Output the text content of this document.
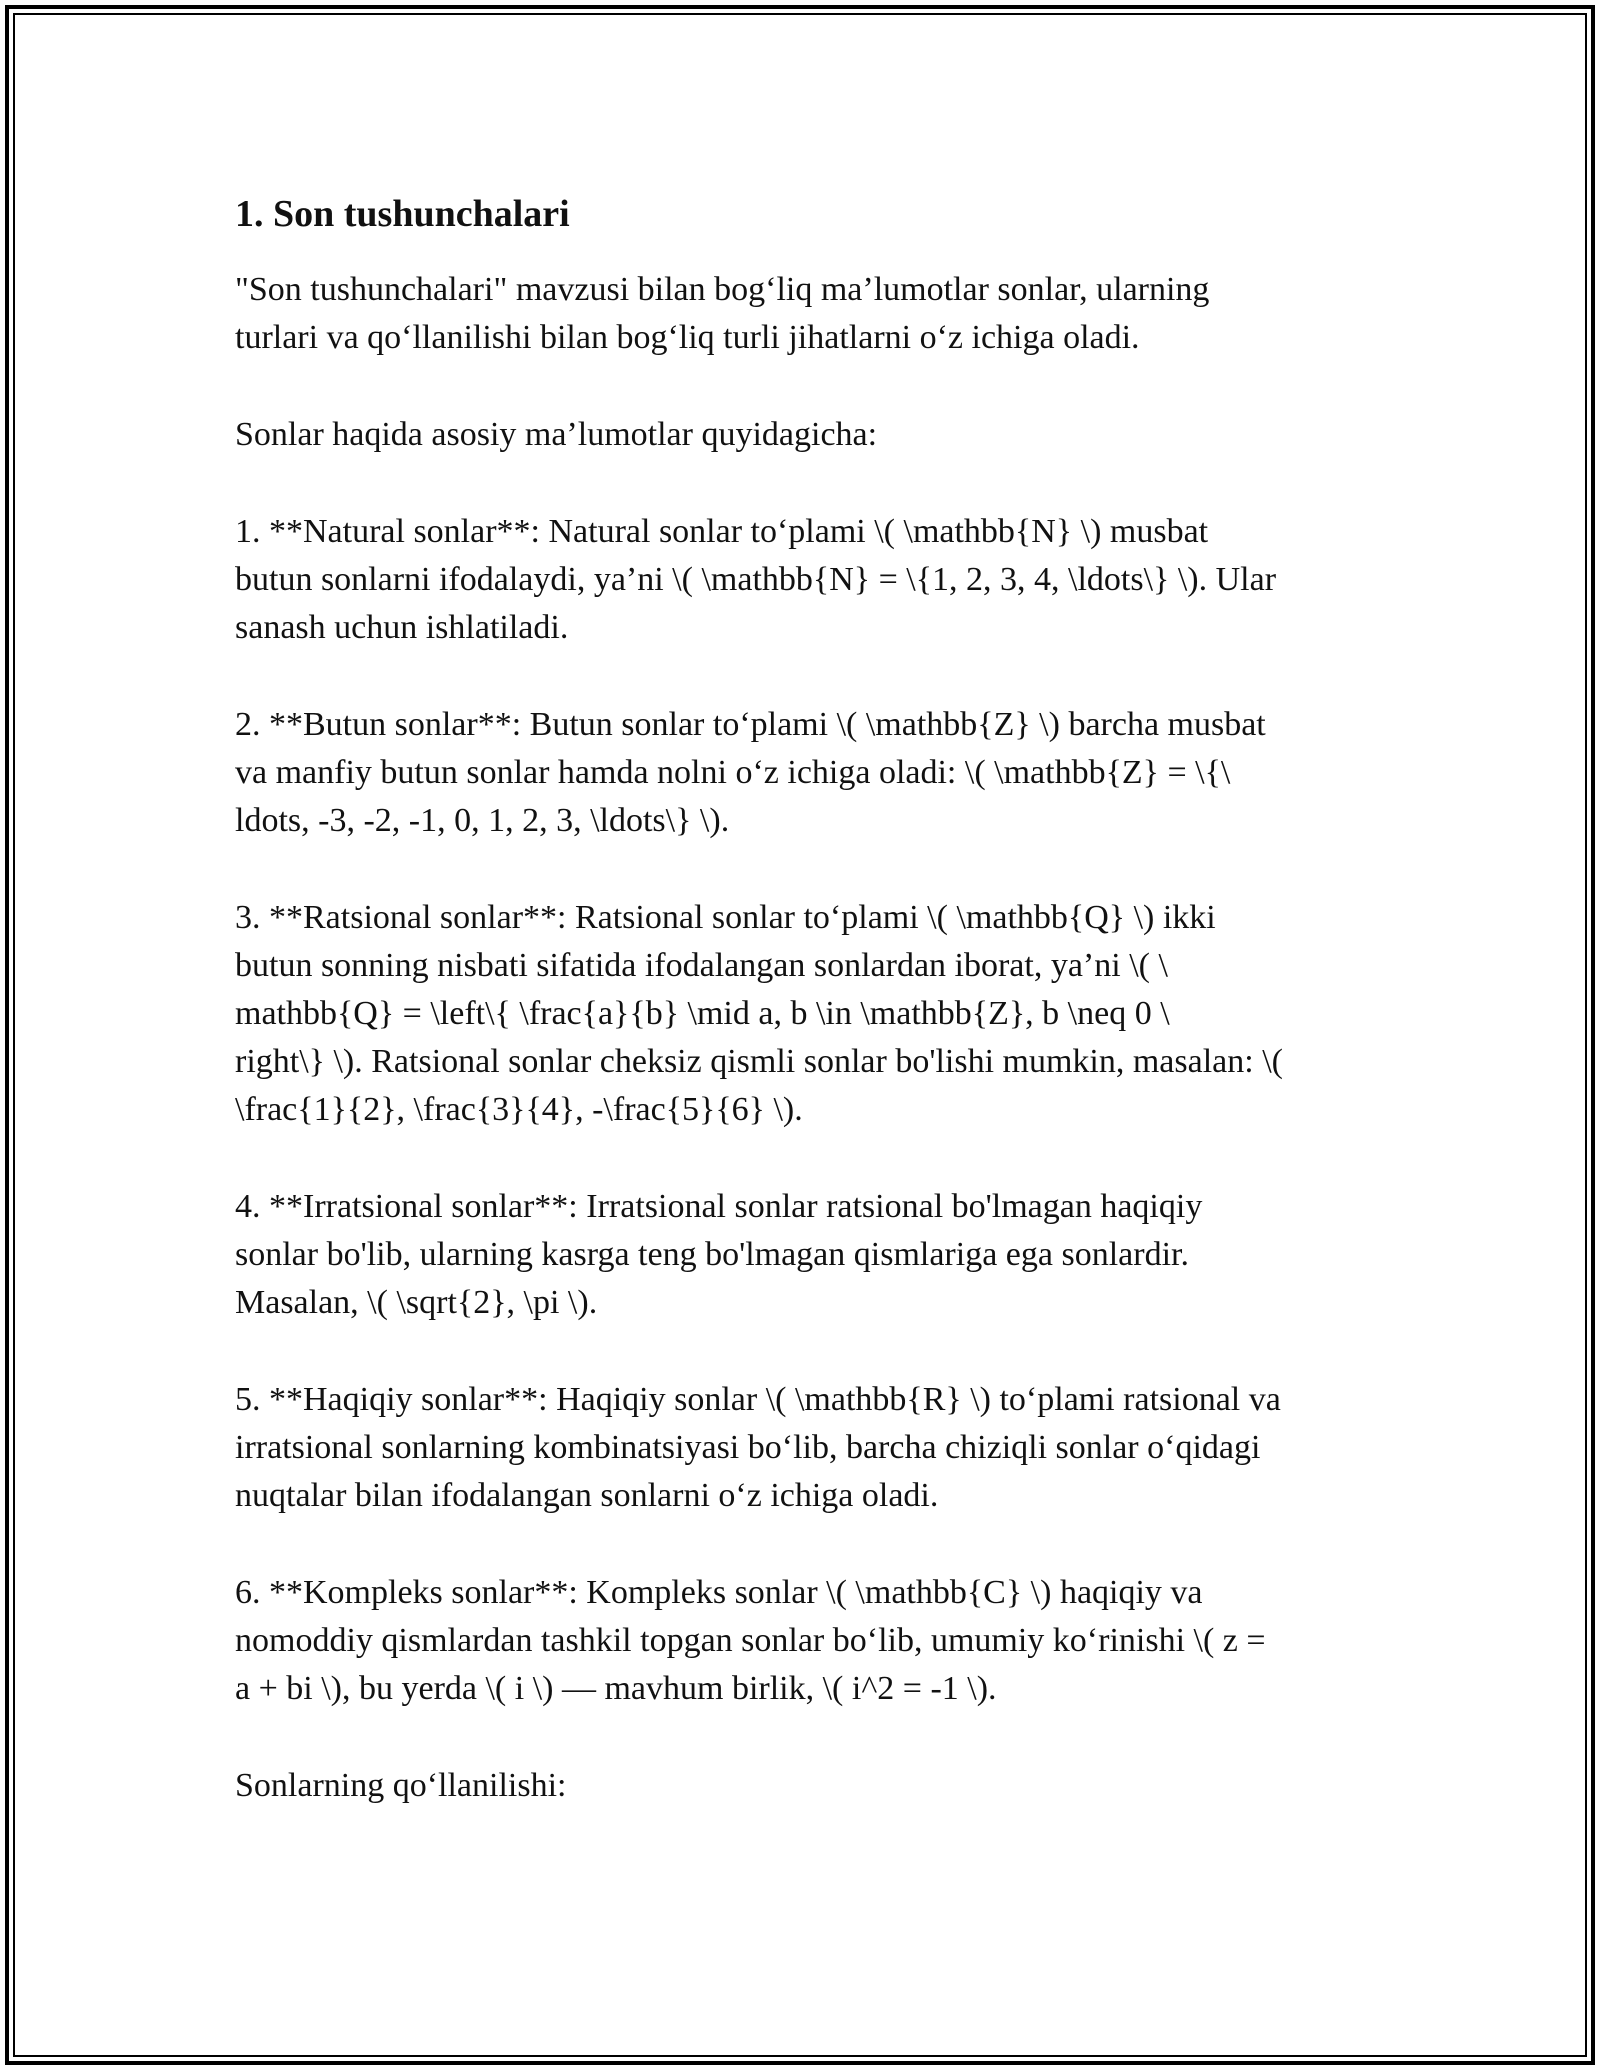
1. Son tushunchalari

"Son tushunchalari" mavzusi bilan bog‘liq ma’lumotlar sonlar, ularning
turlari va qo‘llanilishi bilan bog‘liq turli jihatlarni o‘z ichiga oladi.

Sonlar haqida asosiy ma’lumotlar quyidagicha:

1. **Natural sonlar**: Natural sonlar to‘plami \( \mathbb{N} \) musbat
butun sonlarni ifodalaydi, ya’ni \( \mathbb{N} = \{1, 2, 3, 4, \ldots\} \). Ular
sanash uchun ishlatiladi.

2. **Butun sonlar**: Butun sonlar to‘plami \( \mathbb{Z} \) barcha musbat
va manfiy butun sonlar hamda nolni o‘z ichiga oladi: \( \mathbb{Z} = \{\
ldots, -3, -2, -1, 0, 1, 2, 3, \ldots\} \).

3. **Ratsional sonlar**: Ratsional sonlar to‘plami \( \mathbb{Q} \) ikki
butun sonning nisbati sifatida ifodalangan sonlardan iborat, ya’ni \( \
mathbb{Q} = \left\{ \frac{a}{b} \mid a, b \in \mathbb{Z}, b \neq 0 \
right\} \). Ratsional sonlar cheksiz qismli sonlar bo'lishi mumkin, masalan: \(
\frac{1}{2}, \frac{3}{4}, -\frac{5}{6} \).

4. **Irratsional sonlar**: Irratsional sonlar ratsional bo'lmagan haqiqiy
sonlar bo'lib, ularning kasrga teng bo'lmagan qismlariga ega sonlardir.
Masalan, \( \sqrt{2}, \pi \).

5. **Haqiqiy sonlar**: Haqiqiy sonlar \( \mathbb{R} \) to‘plami ratsional va
irratsional sonlarning kombinatsiyasi bo‘lib, barcha chiziqli sonlar o‘qidagi
nuqtalar bilan ifodalangan sonlarni o‘z ichiga oladi.

6. **Kompleks sonlar**: Kompleks sonlar \( \mathbb{C} \) haqiqiy va
nomoddiy qismlardan tashkil topgan sonlar bo‘lib, umumiy ko‘rinishi \( z =
a + bi \), bu yerda \( i \) — mavhum birlik, \( i^2 = -1 \).

Sonlarning qo‘llanilishi:
